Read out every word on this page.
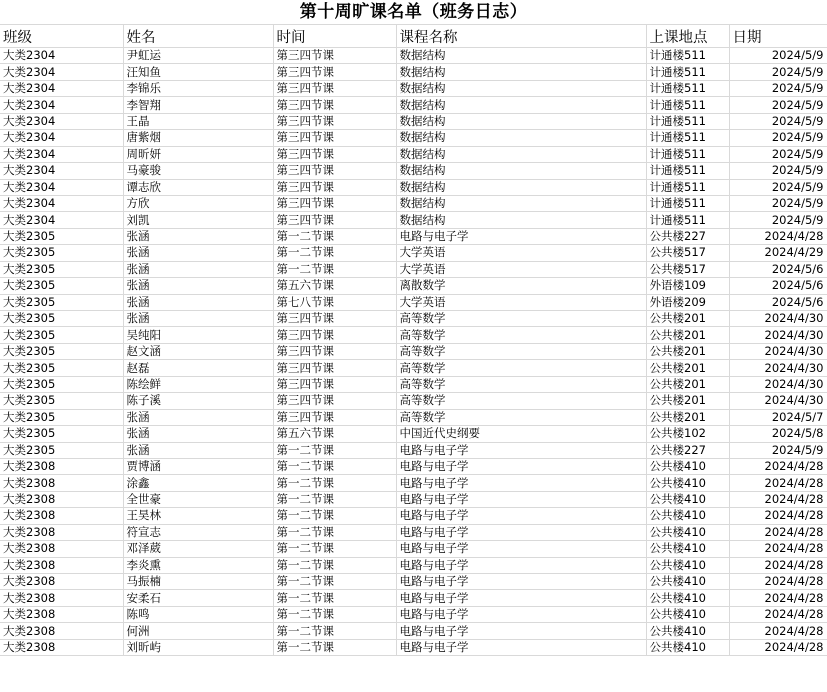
第十周旷课名单（班务日志）
班级	姓名	时间	课程名称	上课地点	日期
大类2304	尹虹运	第三四节课	数据结构	计通楼511	2024/5/9
大类2304	汪知鱼	第三四节课	数据结构	计通楼511	2024/5/9
大类2304	李锦乐	第三四节课	数据结构	计通楼511	2024/5/9
大类2304	李智翔	第三四节课	数据结构	计通楼511	2024/5/9
大类2304	王晶	第三四节课	数据结构	计通楼511	2024/5/9
大类2304	唐紫烟	第三四节课	数据结构	计通楼511	2024/5/9
大类2304	周昕妍	第三四节课	数据结构	计通楼511	2024/5/9
大类2304	马豪骏	第三四节课	数据结构	计通楼511	2024/5/9
大类2304	谭志欣	第三四节课	数据结构	计通楼511	2024/5/9
大类2304	方欣	第三四节课	数据结构	计通楼511	2024/5/9
大类2304	刘凯	第三四节课	数据结构	计通楼511	2024/5/9
大类2305	张涵	第一二节课	电路与电子学	公共楼227	2024/4/28
大类2305	张涵	第一二节课	大学英语	公共楼517	2024/4/29
大类2305	张涵	第一二节课	大学英语	公共楼517	2024/5/6
大类2305	张涵	第五六节课	离散数学	外语楼109	2024/5/6
大类2305	张涵	第七八节课	大学英语	外语楼209	2024/5/6
大类2305	张涵	第三四节课	高等数学	公共楼201	2024/4/30
大类2305	吴纯阳	第三四节课	高等数学	公共楼201	2024/4/30
大类2305	赵文涵	第三四节课	高等数学	公共楼201	2024/4/30
大类2305	赵磊	第三四节课	高等数学	公共楼201	2024/4/30
大类2305	陈绘鲜	第三四节课	高等数学	公共楼201	2024/4/30
大类2305	陈子溪	第三四节课	高等数学	公共楼201	2024/4/30
大类2305	张涵	第三四节课	高等数学	公共楼201	2024/5/7
大类2305	张涵	第五六节课	中国近代史纲要	公共楼102	2024/5/8
大类2305	张涵	第一二节课	电路与电子学	公共楼227	2024/5/9
大类2308	贾博涵	第一二节课	电路与电子学	公共楼410	2024/4/28
大类2308	涂鑫	第一二节课	电路与电子学	公共楼410	2024/4/28
大类2308	全世豪	第一二节课	电路与电子学	公共楼410	2024/4/28
大类2308	王昊林	第一二节课	电路与电子学	公共楼410	2024/4/28
大类2308	符宣志	第一二节课	电路与电子学	公共楼410	2024/4/28
大类2308	邓泽葳	第一二节课	电路与电子学	公共楼410	2024/4/28
大类2308	李炎熏	第一二节课	电路与电子学	公共楼410	2024/4/28
大类2308	马振楠	第一二节课	电路与电子学	公共楼410	2024/4/28
大类2308	安柔石	第一二节课	电路与电子学	公共楼410	2024/4/28
大类2308	陈鸣	第一二节课	电路与电子学	公共楼410	2024/4/28
大类2308	何洲	第一二节课	电路与电子学	公共楼410	2024/4/28
大类2308	刘昕屿	第一二节课	电路与电子学	公共楼410	2024/4/28
